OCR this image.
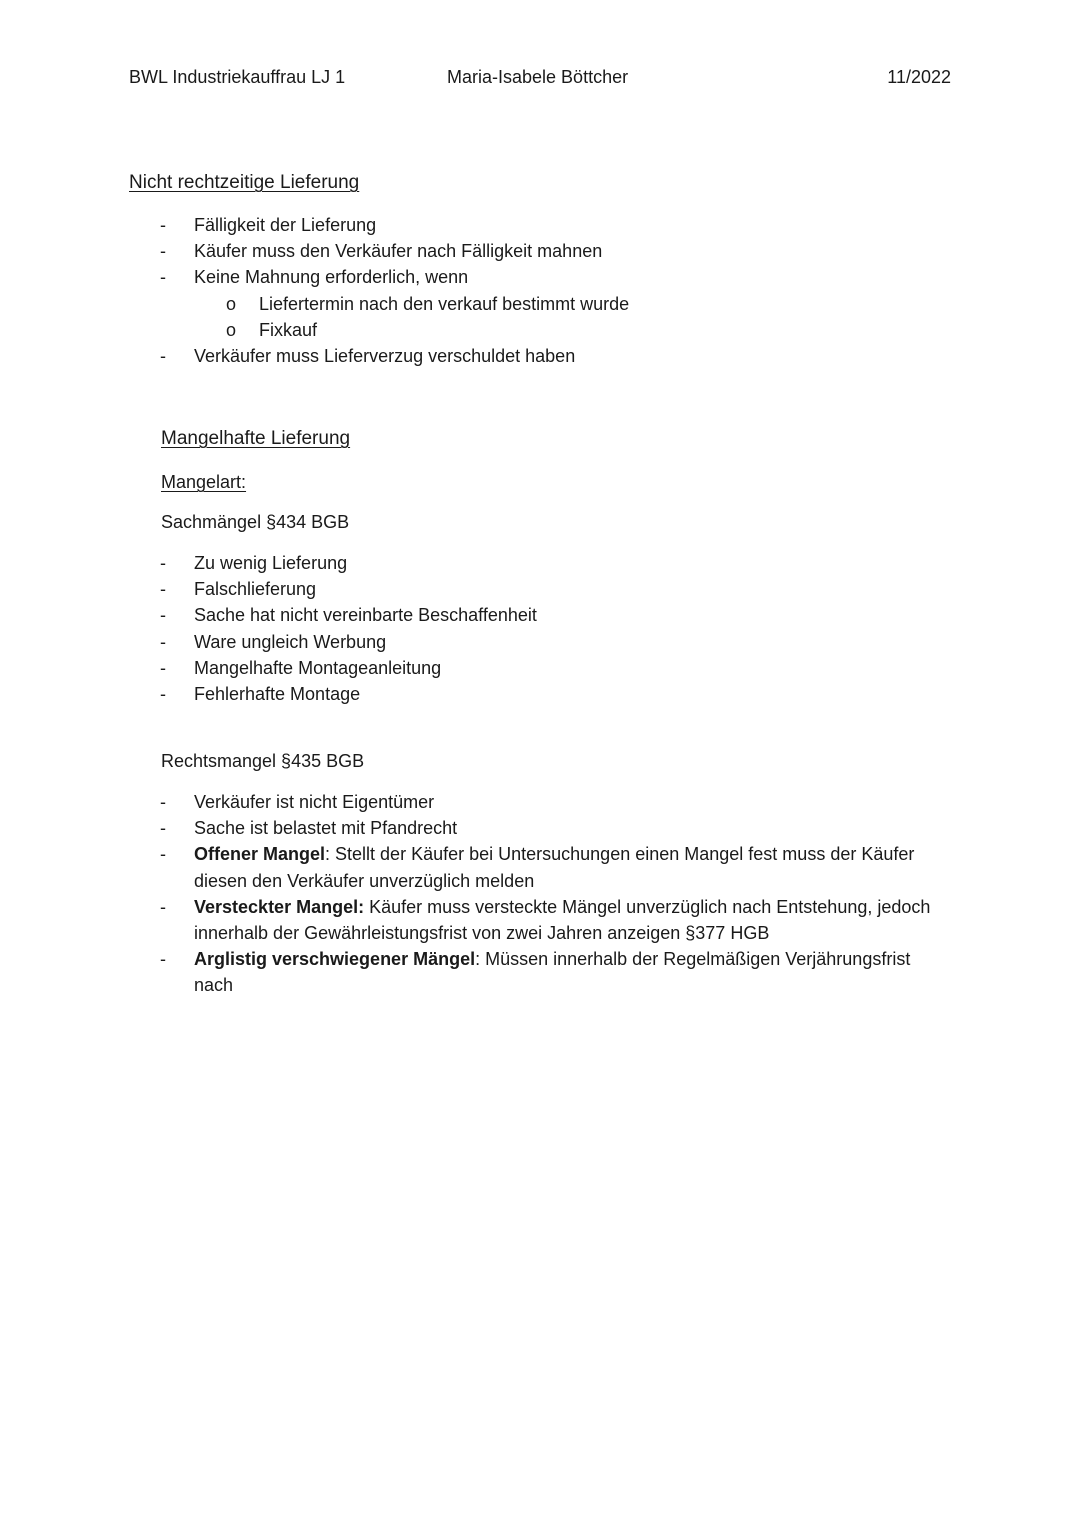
BWL Industriekauffrau LJ 1	Maria-Isabele Böttcher	11/2022
Nicht rechtzeitige Lieferung
- Fälligkeit der Lieferung
- Käufer muss den Verkäufer nach Fälligkeit mahnen
- Keine Mahnung erforderlich, wenn
o Liefertermin nach den verkauf bestimmt wurde
o Fixkauf
- Verkäufer muss Lieferverzug verschuldet haben
Mangelhafte Lieferung
Mangelart:
Sachmängel §434 BGB
- Zu wenig Lieferung
- Falschlieferung
- Sache hat nicht vereinbarte Beschaffenheit
- Ware ungleich Werbung
- Mangelhafte Montageanleitung
- Fehlerhafte Montage
Rechtsmangel §435 BGB
- Verkäufer ist nicht Eigentümer
- Sache ist belastet mit Pfandrecht
- Offener Mangel: Stellt der Käufer bei Untersuchungen einen Mangel fest muss der Käufer diesen den Verkäufer unverzüglich melden
- Versteckter Mangel: Käufer muss versteckte Mängel unverzüglich nach Entstehung, jedoch innerhalb der Gewährleistungsfrist von zwei Jahren anzeigen §377 HGB
- Arglistig verschwiegener Mängel: Müssen innerhalb der Regelmäßigen Verjährungsfrist nach
